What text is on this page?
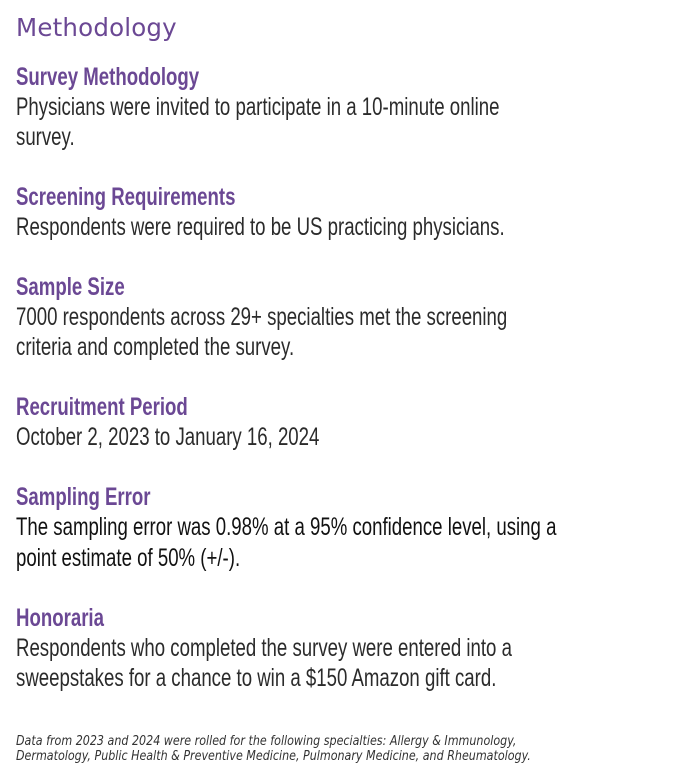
Methodology
Survey Methodology
Physicians were invited to participate in a 10-minute online
survey.
Screening Requirements
Respondents were required to be US practicing physicians.
Sample Size
7000 respondents across 29+ specialties met the screening
criteria and completed the survey.
Recruitment Period
October 2, 2023 to January 16, 2024
Sampling Error
The sampling error was 0.98% at a 95% confidence level, using a
point estimate of 50% (+/-).
Honoraria
Respondents who completed the survey were entered into a
sweepstakes for a chance to win a $150 Amazon gift card.
Data from 2023 and 2024 were rolled for the following specialties: Allergy & Immunology,
Dermatology, Public Health & Preventive Medicine, Pulmonary Medicine, and Rheumatology.
